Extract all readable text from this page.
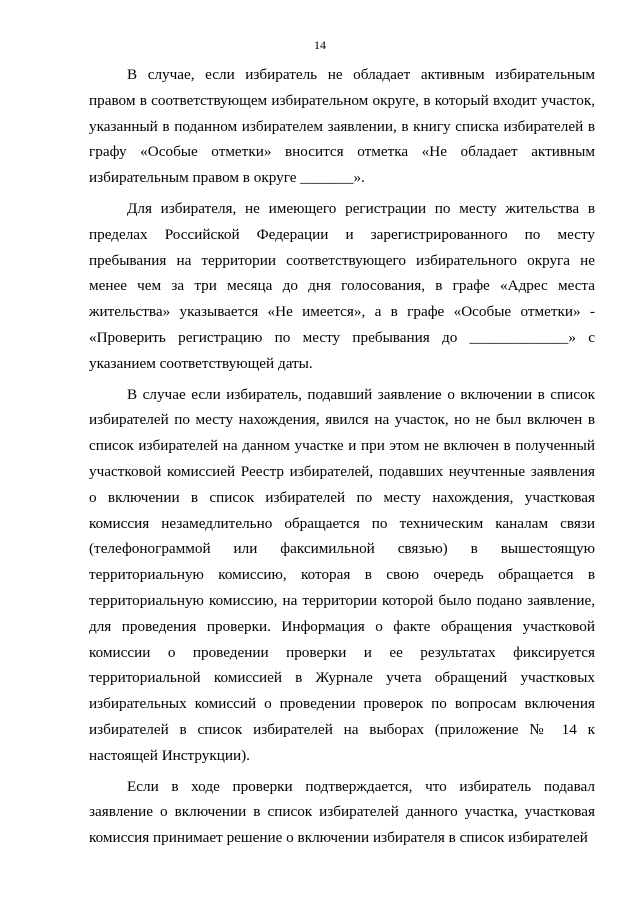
14

В случае, если избиратель не обладает активным избирательным правом в соответствующем избирательном округе, в который входит участок, указанный в поданном избирателем заявлении, в книгу списка избирателей в графу «Особые отметки» вносится отметка «Не обладает активным избирательным правом в округе _______».

Для избирателя, не имеющего регистрации по месту жительства в пределах Российской Федерации и зарегистрированного по месту пребывания на территории соответствующего избирательного округа не менее чем за три месяца до дня голосования, в графе «Адрес места жительства» указывается «Не имеется», а в графе «Особые отметки» - «Проверить регистрацию по месту пребывания до _____________» с указанием соответствующей даты.

В случае если избиратель, подавший заявление о включении в список избирателей по месту нахождения, явился на участок, но не был включен в список избирателей на данном участке и при этом не включен в полученный участковой комиссией Реестр избирателей, подавших неучтенные заявления о включении в список избирателей по месту нахождения, участковая комиссия незамедлительно обращается по техническим каналам связи (телефонограммой или факсимильной связью) в вышестоящую территориальную комиссию, которая в свою очередь обращается в территориальную комиссию, на территории которой было подано заявление, для проведения проверки. Информация о факте обращения участковой комиссии о проведении проверки и ее результатах фиксируется территориальной комиссией в Журнале учета обращений участковых избирательных комиссий о проведении проверок по вопросам включения избирателей в список избирателей на выборах (приложение № 14 к настоящей Инструкции).

Если в ходе проверки подтверждается, что избиратель подавал заявление о включении в список избирателей данного участка, участковая комиссия принимает решение о включении избирателя в список избирателей
